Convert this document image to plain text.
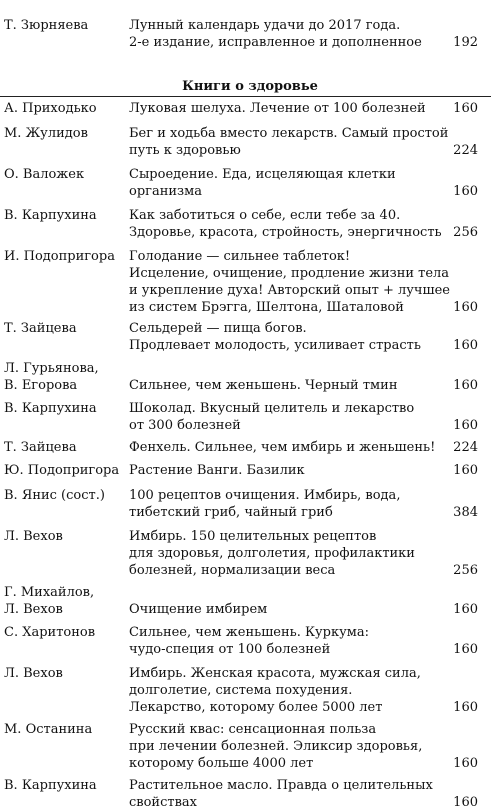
Т. Зюрняева	Лунный календарь удачи до 2017 года.
2-е издание, исправленное и дополненное	192
Книги о здоровье
А. Приходько	Луковая шелуха. Лечение от 100 болезней	160
М. Жулидов	Бег и ходьба вместо лекарств. Самый простой
путь к здоровью	224
О. Валожек	Сыроедение. Еда, исцеляющая клетки
организма	160
В. Карпухина	Как заботиться о себе, если тебе за 40.
Здоровье, красота, стройность, энергичность 256
И. Подопригора	Голодание — сильнее таблеток!
Исцеление, очищение, продление жизни тела
и укрепление духа! Авторский опыт + лучшее
из систем Брэгга, Шелтона, Шаталовой	160
Т. Зайцева	Сельдерей — пища богов.
Продлевает молодость, усиливает страсть	160
Л. Гурьянова,
В. Егорова	Сильнее, чем женьшень. Черный тмин	160
В. Карпухина	Шоколад. Вкусный целитель и лекарство
от 300 болезней	160
Т. Зайцева	Фенхель. Сильнее, чем имбирь и женьшень!	224
Ю. Подопригора Растение Ванги. Базилик	160
В. Янис (сост.)	100 рецептов очищения. Имбирь, вода,
тибетский гриб, чайный гриб	384
Л. Вехов	Имбирь. 150 целительных рецептов
для здоровья, долголетия, профилактики
болезней, нормализации веса	256
Г. Михайлов,
Л. Вехов	Очищение имбирем	160
С. Харитонов	Сильнее, чем женьшень. Куркума:
чудо-специя от 100 болезней	160
Л. Вехов	Имбирь. Женская красота, мужская сила,
долголетие, система похудения.
Лекарство, которому более 5000 лет	160
М. Останина	Русский квас: сенсационная польза
при лечении болезней. Эликсир здоровья,
которому больше 4000 лет	160
В. Карпухина	Растительное масло. Правда о целительных
свойствах	160
